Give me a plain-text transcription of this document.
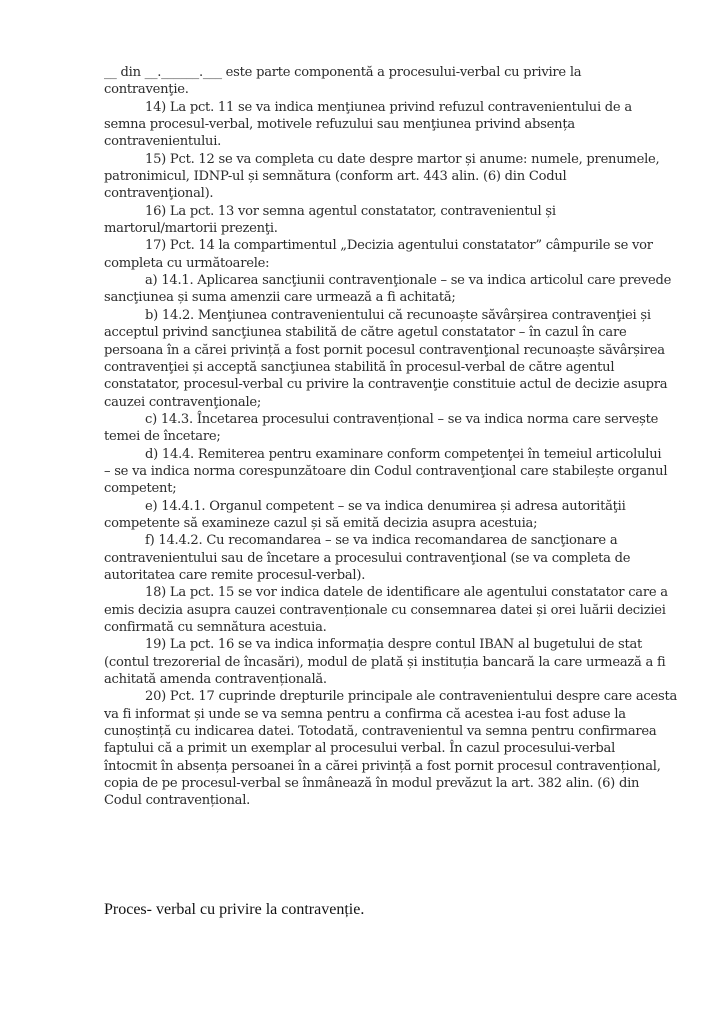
__ din __.______.___ este parte componentă a procesului-verbal cu privire la
contravenţie.
14) La pct. 11 se va indica menţiunea privind refuzul contravenientului de a
semna procesul-verbal, motivele refuzului sau menţiunea privind absența
contravenientului.
15) Pct. 12 se va completa cu date despre martor și anume: numele, prenumele,
patronimicul, IDNP-ul și semnătura (conform art. 443 alin. (6) din Codul
contravenţional).
16) La pct. 13 vor semna agentul constatator, contravenientul și
martorul/martorii prezenţi.
17) Pct. 14 la compartimentul „Decizia agentului constatator” câmpurile se vor
completa cu următoarele:
a) 14.1. Aplicarea sancţiunii contravenţionale – se va indica articolul care prevede
sancţiunea și suma amenzii care urmează a fi achitată;
b) 14.2. Menţiunea contravenientului că recunoaște săvârșirea contravenţiei și
acceptul privind sancţiunea stabilită de către agetul constatator – în cazul în care
persoana în a cărei privință a fost pornit pocesul contravenţional recunoaște săvârșirea
contravenţiei și acceptă sancţiunea stabilită în procesul-verbal de către agentul
constatator, procesul-verbal cu privire la contravenţie constituie actul de decizie asupra
cauzei contravenţionale;
c) 14.3. Încetarea procesului contravențional – se va indica norma care servește
temei de încetare;
d) 14.4. Remiterea pentru examinare conform competenţei în temeiul articolului
– se va indica norma corespunzătoare din Codul contravenţional care stabilește organul
competent;
e) 14.4.1. Organul competent – se va indica denumirea și adresa autorităţii
competente să examineze cazul și să emită decizia asupra acestuia;
f) 14.4.2. Cu recomandarea – se va indica recomandarea de sancţionare a
contravenientului sau de încetare a procesului contravenţional (se va completa de
autoritatea care remite procesul-verbal).
18) La pct. 15 se vor indica datele de identificare ale agentului constatator care a
emis decizia asupra cauzei contravenționale cu consemnarea datei și orei luării deciziei
confirmată cu semnătura acestuia.
19) La pct. 16 se va indica informația despre contul IBAN al bugetului de stat
(contul trezorerial de încasări), modul de plată și instituția bancară la care urmează a fi
achitată amenda contravențională.
20) Pct. 17 cuprinde drepturile principale ale contravenientului despre care acesta
va fi informat și unde se va semna pentru a confirma că acestea i-au fost aduse la
cunoștință cu indicarea datei. Totodată, contravenientul va semna pentru confirmarea
faptului că a primit un exemplar al procesului verbal. În cazul procesului-verbal
întocmit în absența persoanei în a cărei privință a fost pornit procesul contravențional,
copia de pe procesul-verbal se înmânează în modul prevăzut la art. 382 alin. (6) din
Codul contravențional.
Proces- verbal cu privire la contravenție.
